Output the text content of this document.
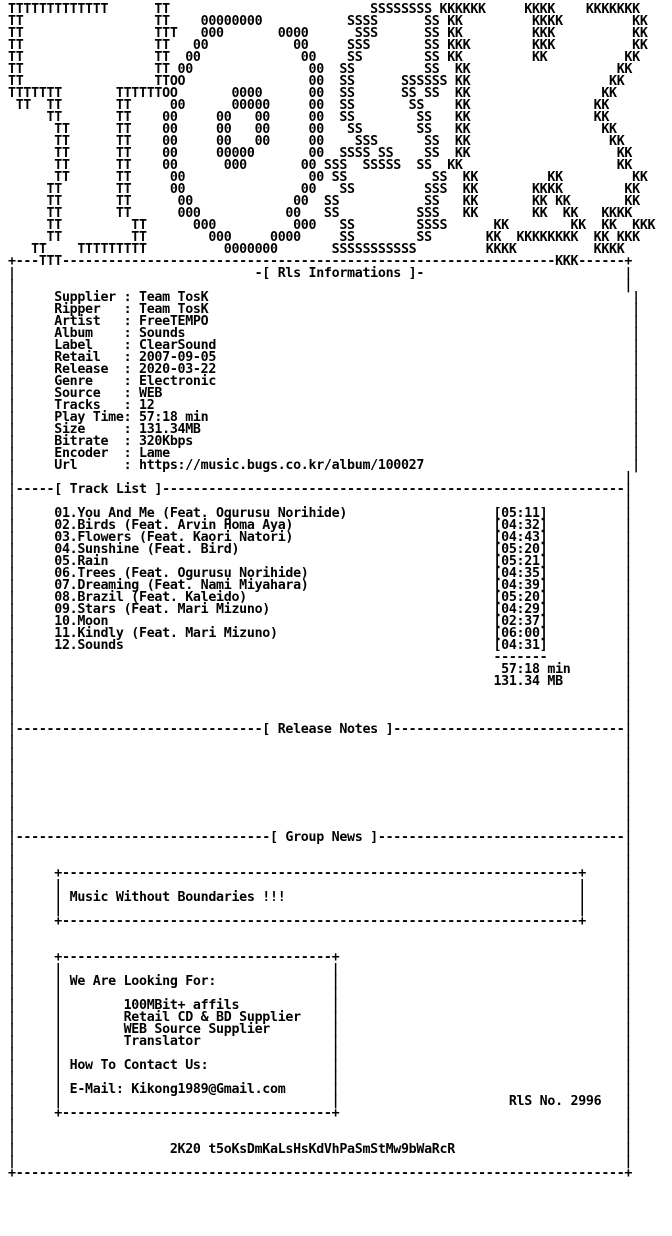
TTTTTTTTTTTTT      TT                          SSSSSSSS KKKKKK     KKKK    KKKKKKK
TT                 TT    00000000           SSSS      SS KK         KKKK         KK
TT                 TTT   000       0000      SSS      SS KK         KKK          KK
TT                 TT   00           00     SSS       SS KKK        KKK          KK
TT                 TT  00             00    SS        SS KK         KK          KK
TT                 TT 00               00  SS         SS  KK                   KK
TT                 TTOO                00  SS      SSSSSS KK                  KK
TTTTTTT       TTTTTTOO       0000      00  SS      SS SS  KK                 KK
TT  TT       TT     00      00000     00  SS       SS    KK                KK
TT       TT    00     00   00     00  SS        SS   KK                KK
TT      TT    00     00   00     00   SS       SS   KK                 KK
TT      TT    00     00   00     00    SSS      SS  KK                  KK
TT      TT    00     00000       00  SSSS SS    SS  KK                   KK
TT      TT    00      000       00 SSS  SSSSS  SS  KK                    KK
TT      TT     00                00 SS           SS  KK         KK         KK
TT       TT     00               00   SS         SSS  KK       KKKK        KK
TT       TT      00             00  SS           SS   KK       KK KK       KK
TT       TT      000           00   SS          SSS   KK       KK  KK   KKKK
TT         TT      000          000   SS        SSSS      KK        KK  KK  KKK
TT         TT        000     0000     SS        SS       KK  KKKKKKKK  KK KKK
TT    TTTTTTTTT          0000000       SSSSSSSSSSS         KKKK          KKKK
+---TTT----------------------------------------------------------------KKK------+
|                               -[ Rls Informations ]-                          |
|                                                                               |
|     Supplier : Team TosK                                                       |
|     Ripper   : Team TosK                                                       |
|     Artist   : FreeTEMPO                                                       |
|     Album    : Sounds                                                          |
|     Label    : ClearSound                                                      |
|     Retail   : 2007-09-05                                                      |
|     Release  : 2020-03-22                                                      |
|     Genre    : Electronic                                                      |
|     Source   : WEB                                                             |
|     Tracks   : 12                                                              |
|     Play Time: 57:18 min                                                       |
|     Size     : 131.34MB                                                        |
|     Bitrate  : 320Kbps                                                         |
|     Encoder  : Lame                                                            |
|     Url      : https://music.bugs.co.kr/album/100027                           |
|                                                                               |
|-----[ Track List ]------------------------------------------------------------|
|                                                                               |
|     01.You And Me (Feat. Ogurusu Norihide)                   [05:11]          |
|     02.Birds (Feat. Arvin Homa Aya)                          [04:32]          |
|     03.Flowers (Feat. Kaori Natori)                          [04:43]          |
|     04.Sunshine (Feat. Bird)                                 [05:20]          |
|     05.Rain                                                  [05:21]          |
|     06.Trees (Feat. Ogurusu Norihide)                        [04:35]          |
|     07.Dreaming (Feat. Nami Miyahara)                        [04:39]          |
|     08.Brazil (Feat. Kaleido)                                [05:20]          |
|     09.Stars (Feat. Mari Mizuno)                             [04:29]          |
|     10.Moon                                                  [02:37]          |
|     11.Kindly (Feat. Mari Mizuno)                            [06:00]          |
|     12.Sounds                                                [04:31]          |
|                                                              -------          |
|                                                               57:18 min       |
|                                                              131.34 MB        |
|                                                                               |
|                                                                               |
|                                                                               |
|--------------------------------[ Release Notes ]------------------------------|
|                                                                               |
|                                                                               |
|                                                                               |
|                                                                               |
|                                                                               |
|                                                                               |
|                                                                               |
|                                                                               |
|---------------------------------[ Group News ]--------------------------------|
|                                                                               |
|                                                                               |
|     +-------------------------------------------------------------------+     |
|     |                                                                   |     |
|     | Music Without Boundaries !!!                                      |     |
|     |                                                                   |     |
|     +-------------------------------------------------------------------+     |
|                                                                               |
|                                                                               |
|     +-----------------------------------+                                     |
|     |                                   |                                     |
|     | We Are Looking For:               |                                     |
|     |                                   |                                     |
|     |        100MBit+ affils            |                                     |
|     |        Retail CD & BD Supplier    |                                     |
|     |        WEB Source Supplier        |                                     |
|     |        Translator                 |                                     |
|     |                                   |                                     |
|     | How To Contact Us:                |                                     |
|     |                                   |                                     |
|     | E-Mail: Kikong1989@Gmail.com      |                                     |
|     |                                   |                      RlS No. 2996   |
|     +-----------------------------------+                                     |
|                                                                               |
|                                                                               |
|                    2K20 t5oKsDmKaLsHsKdVhPaSmStMw9bWaRcR                      |
|                                                                               |
+-------------------------------------------------------------------------------+
